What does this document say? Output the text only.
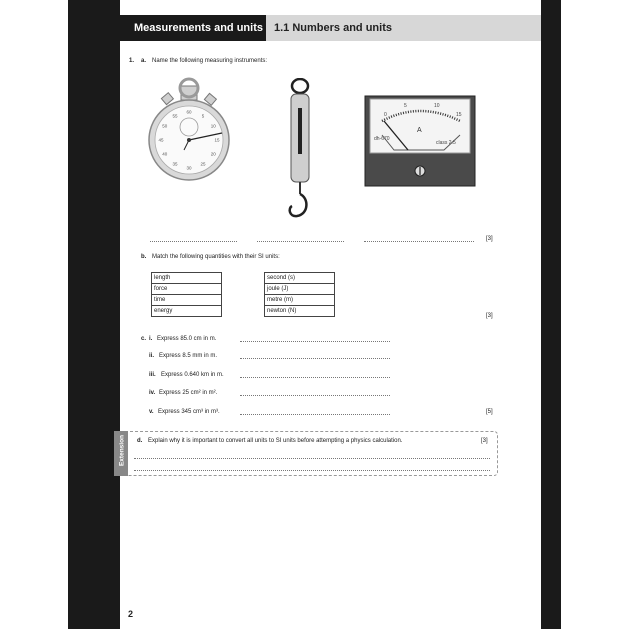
Measurements and units	1.1 Numbers and units
1. a. Name the following measuring instruments:
60
5
10
15
20
25
30
35
40
45
50
55	0
5	10
15
A
dh-670
class 2.5
[3]
b. Match the following quantities with their SI units:
length
force
time
energy
second (s)
joule (J)
metre (m)
newton (N)
[3]
c. i. Express 85.0 cm in m.
ii. Express 8.5 mm in m.
iii. Express 0.640 km in m.
iv. Express 25 cm² in m².
v. Express 345 cm³ in m³.	[5]
Extension d. Explain why it is important to convert all units to SI units before attempting a physics calculation.	[3]
2
